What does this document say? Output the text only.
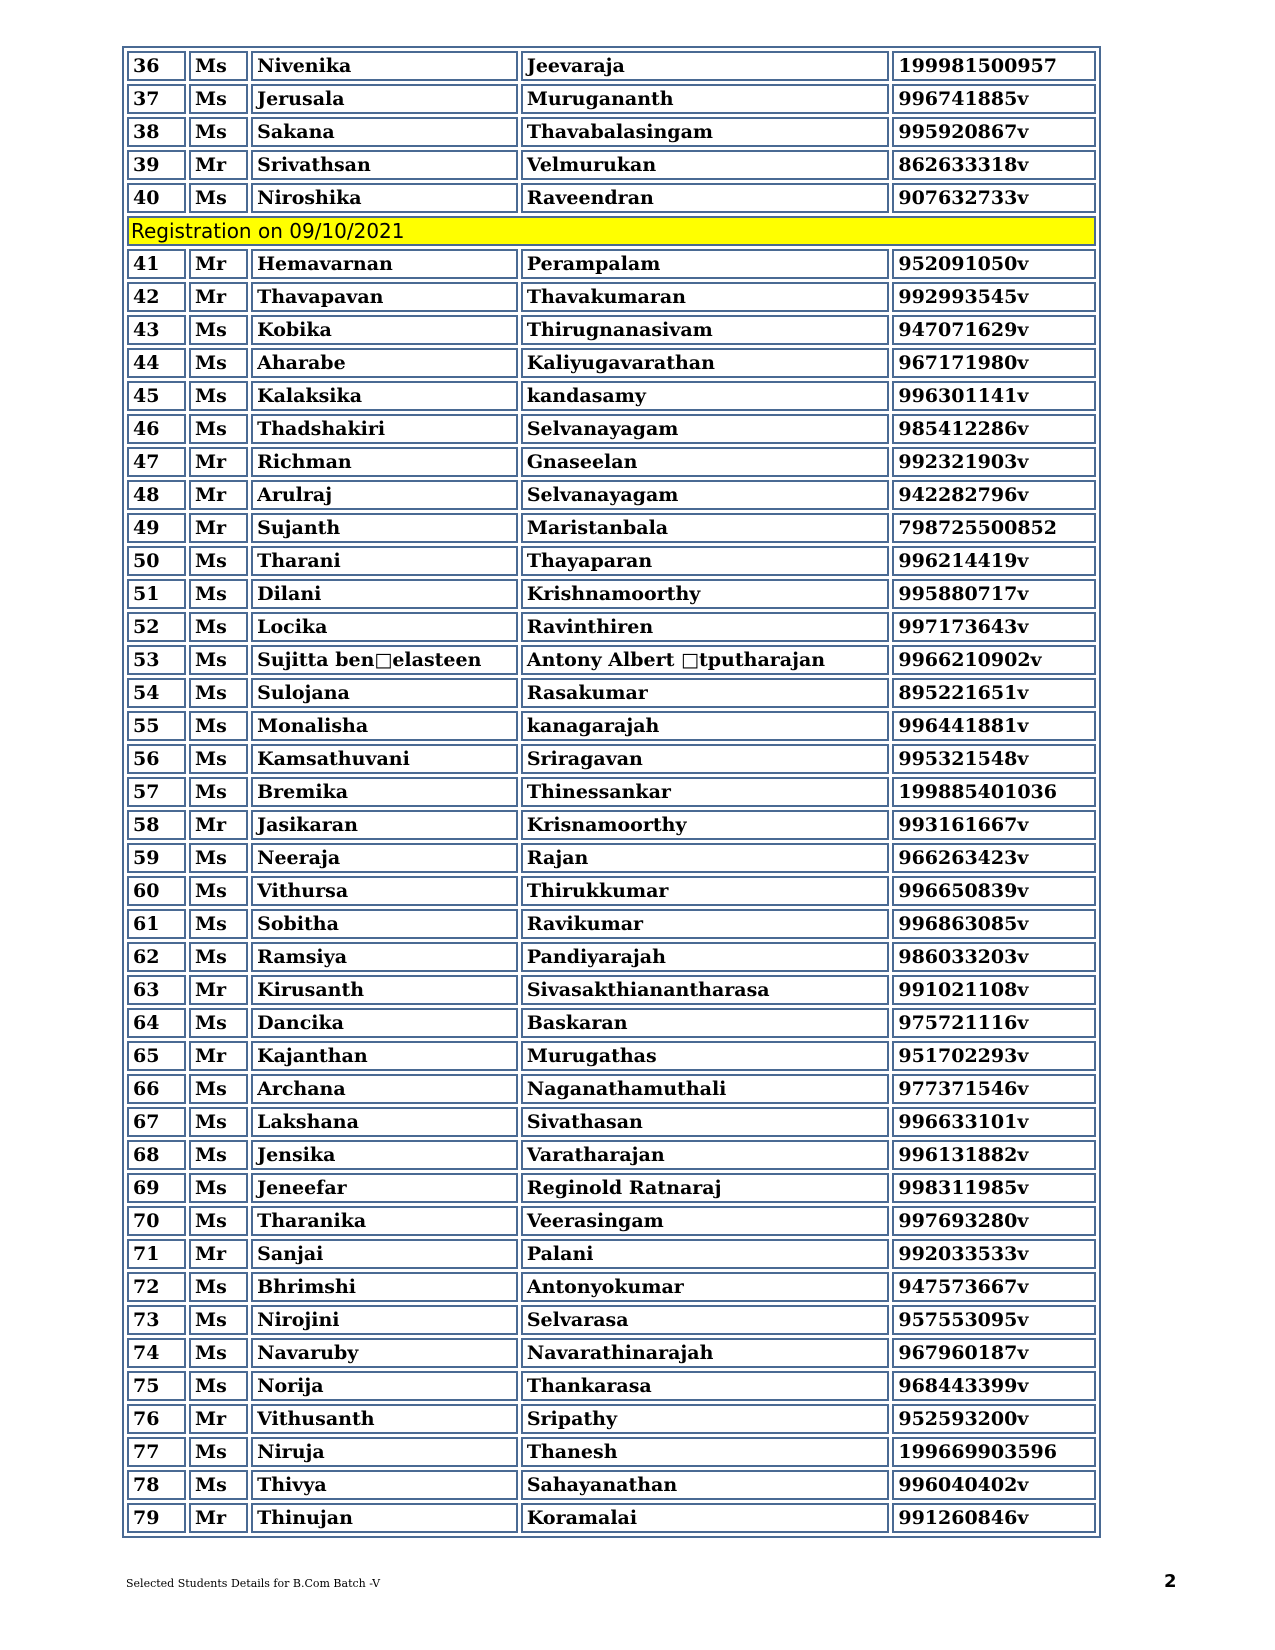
36	Ms	Nivenika	Jeevaraja	199981500957
37	Ms	Jerusala	Murugananth	996741885v
38	Ms	Sakana	Thavabalasingam	995920867v
39	Mr	Srivathsan	Velmurukan	862633318v
40	Ms	Niroshika	Raveendran	907632733v
Registration on 09/10/2021				
41	Mr	Hemavarnan	Perampalam	952091050v
42	Mr	Thavapavan	Thavakumaran	992993545v
43	Ms	Kobika	Thirugnanasivam	947071629v
44	Ms	Aharabe	Kaliyugavarathan	967171980v
45	Ms	Kalaksika	kandasamy	996301141v
46	Ms	Thadshakiri	Selvanayagam	985412286v
47	Mr	Richman	Gnaseelan	992321903v
48	Mr	Arulraj	Selvanayagam	942282796v
49	Mr	Sujanth	Maristanbala	798725500852
50	Ms	Tharani	Thayaparan	996214419v
51	Ms	Dilani	Krishnamoorthy	995880717v
52	Ms	Locika	Ravinthiren	997173643v
53	Ms	Sujitta ben□elasteen	Antony Albert □tputharajan	9966210902v
54	Ms	Sulojana	Rasakumar	895221651v
55	Ms	Monalisha	kanagarajah	996441881v
56	Ms	Kamsathuvani	Sriragavan	995321548v
57	Ms	Bremika	Thinessankar	199885401036
58	Mr	Jasikaran	Krisnamoorthy	993161667v
59	Ms	Neeraja	Rajan	966263423v
60	Ms	Vithursa	Thirukkumar	996650839v
61	Ms	Sobitha	Ravikumar	996863085v
62	Ms	Ramsiya	Pandiyarajah	986033203v
63	Mr	Kirusanth	Sivasakthianantharasa	991021108v
64	Ms	Dancika	Baskaran	975721116v
65	Mr	Kajanthan	Murugathas	951702293v
66	Ms	Archana	Naganathamuthali	977371546v
67	Ms	Lakshana	Sivathasan	996633101v
68	Ms	Jensika	Varatharajan	996131882v
69	Ms	Jeneefar	Reginold Ratnaraj	998311985v
70	Ms	Tharanika	Veerasingam	997693280v
71	Mr	Sanjai	Palani	992033533v
72	Ms	Bhrimshi	Antonyokumar	947573667v
73	Ms	Nirojini	Selvarasa	957553095v
74	Ms	Navaruby	Navarathinarajah	967960187v
75	Ms	Norija	Thankarasa	968443399v
76	Mr	Vithusanth	Sripathy	952593200v
77	Ms	Niruja	Thanesh	199669903596
78	Ms	Thivya	Sahayanathan	996040402v
79	Mr	Thinujan	Koramalai	991260846v
Selected Students Details for B.Com Batch -V	2
